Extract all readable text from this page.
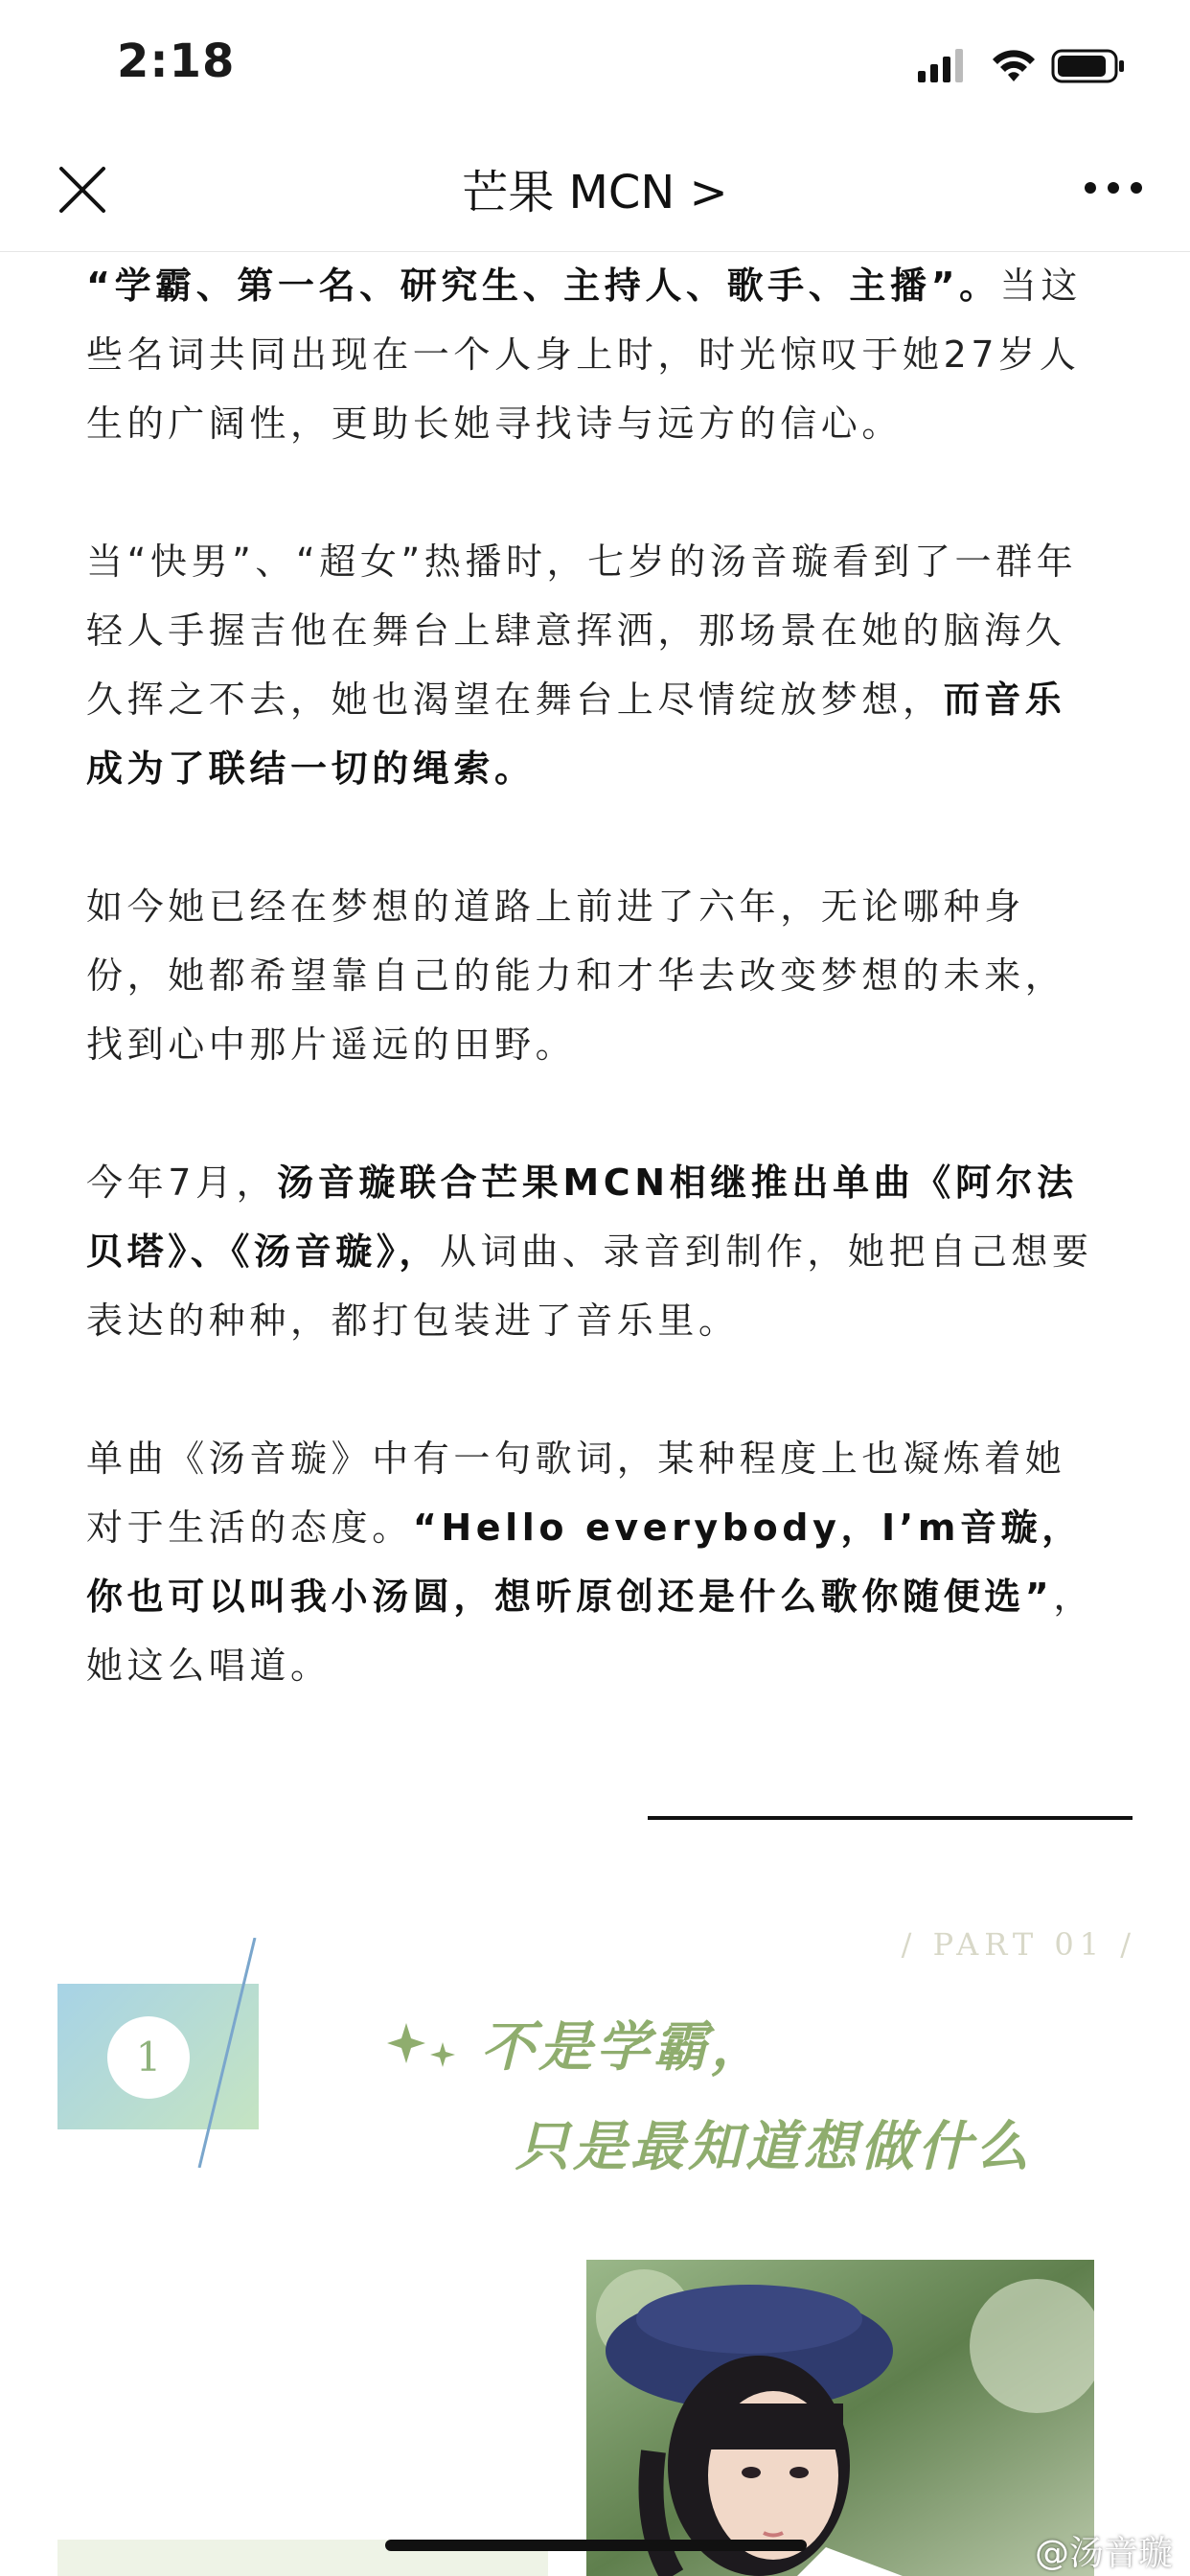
2:18
芒果 MCN >

“学霸、第一名、研究生、主持人、歌手、主播”。当这些名词共同出现在一个人身上时，时光惊叹于她27岁人生的广阔性，更助长她寻找诗与远方的信心。

当“快男”、“超女”热播时，七岁的汤音璇看到了一群年轻人手握吉他在舞台上肆意挥洒，那场景在她的脑海久久挥之不去，她也渴望在舞台上尽情绽放梦想，而音乐成为了联结一切的绳索。

如今她已经在梦想的道路上前进了六年，无论哪种身份，她都希望靠自己的能力和才华去改变梦想的未来，找到心中那片遥远的田野。

今年7月，汤音璇联合芒果MCN相继推出单曲《阿尔法贝塔》、《汤音璇》，从词曲、录音到制作，她把自己想要表达的种种，都打包装进了音乐里。

单曲《汤音璇》中有一句歌词，某种程度上也凝炼着她对于生活的态度。“Hello everybody，I’m音璇，你也可以叫我小汤圆，想听原创还是什么歌你随便选”，她这么唱道。

/ PART 01 /
1	不是学霸，
只是最知道想做什么
@汤音璇
